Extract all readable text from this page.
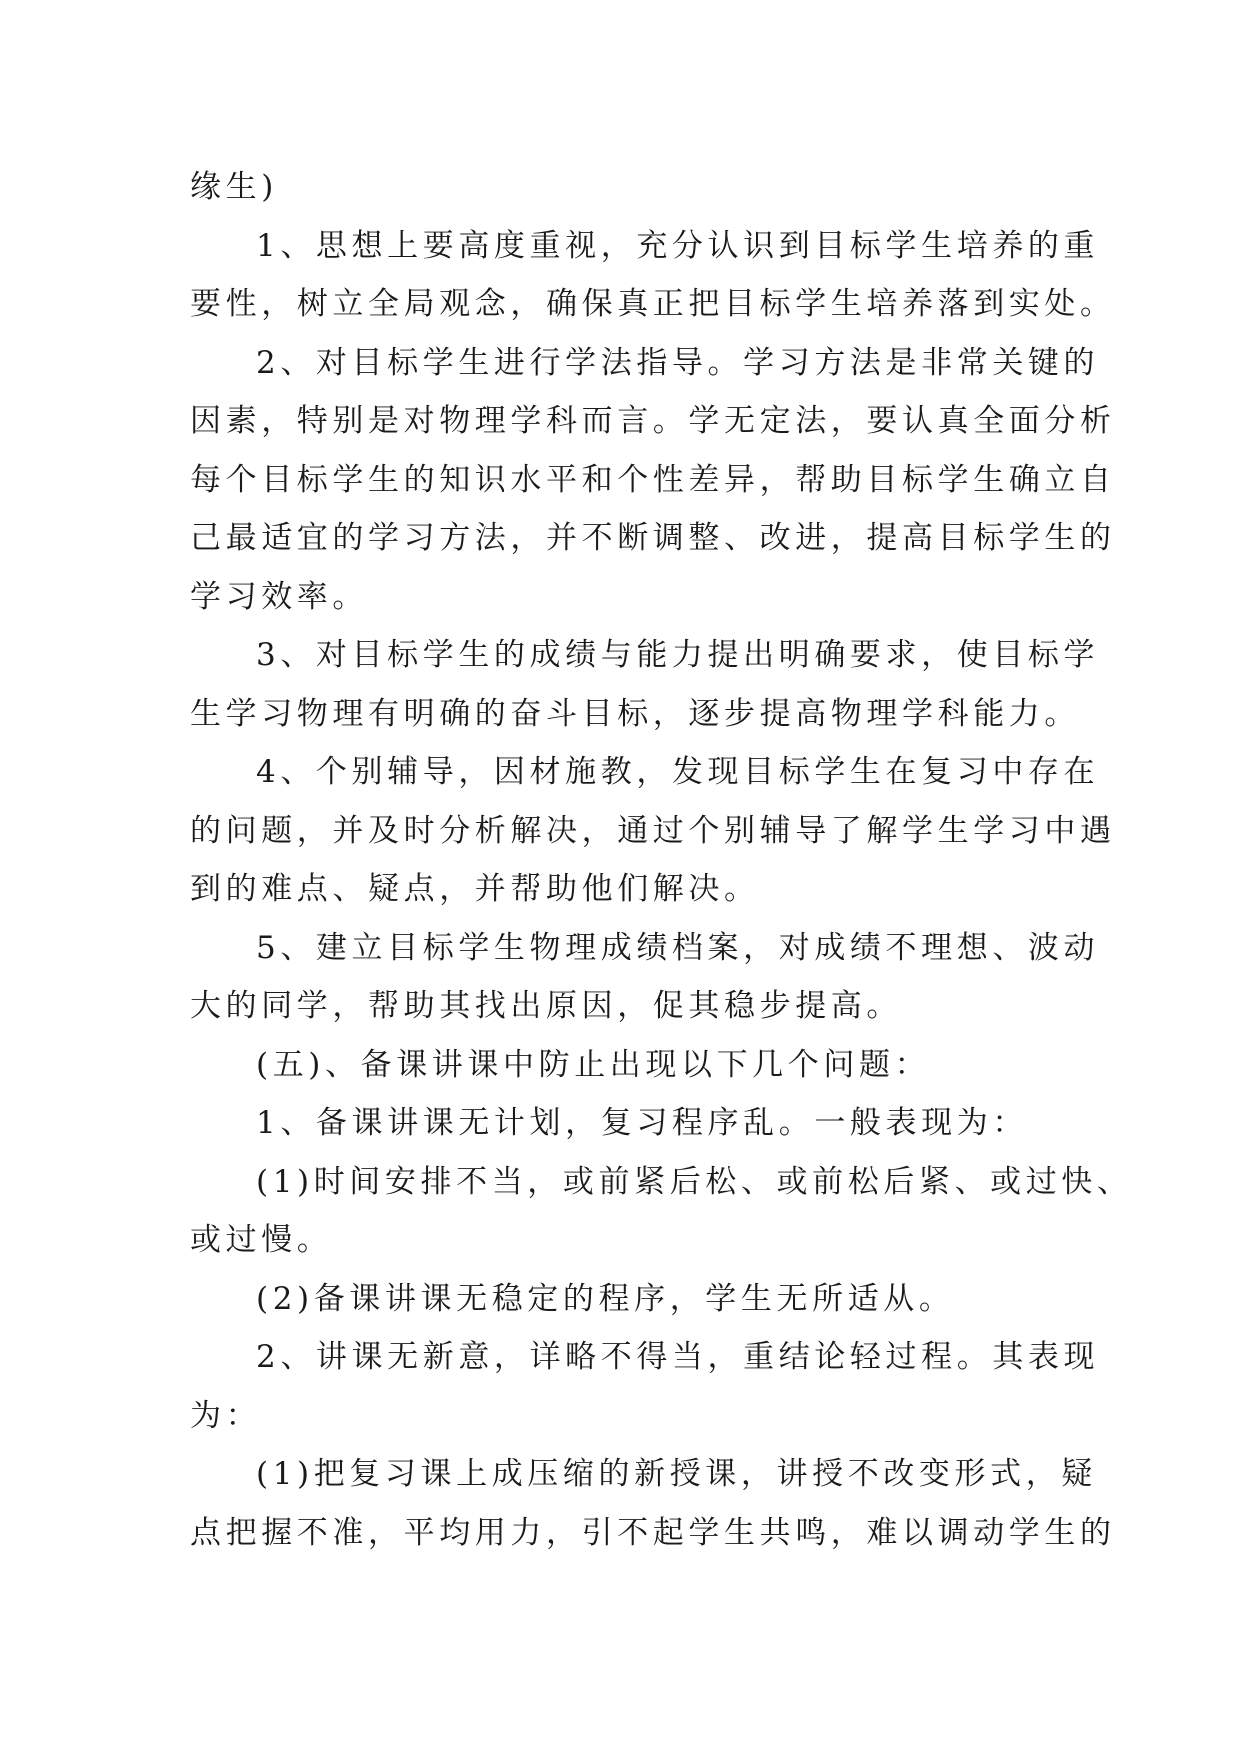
缘生)
1、思想上要高度重视，充分认识到目标学生培养的重
要性，树立全局观念，确保真正把目标学生培养落到实处。
2、对目标学生进行学法指导。学习方法是非常关键的
因素，特别是对物理学科而言。学无定法，要认真全面分析
每个目标学生的知识水平和个性差异，帮助目标学生确立自
己最适宜的学习方法，并不断调整、改进，提高目标学生的
学习效率。
3、对目标学生的成绩与能力提出明确要求，使目标学
生学习物理有明确的奋斗目标，逐步提高物理学科能力。
4、个别辅导，因材施教，发现目标学生在复习中存在
的问题，并及时分析解决，通过个别辅导了解学生学习中遇
到的难点、疑点，并帮助他们解决。
5、建立目标学生物理成绩档案，对成绩不理想、波动
大的同学，帮助其找出原因，促其稳步提高。
(五)、备课讲课中防止出现以下几个问题：
1、备课讲课无计划，复习程序乱。一般表现为：
(1)时间安排不当，或前紧后松、或前松后紧、或过快、
或过慢。
(2)备课讲课无稳定的程序，学生无所适从。
2、讲课无新意，详略不得当，重结论轻过程。其表现
为：
(1)把复习课上成压缩的新授课，讲授不改变形式，疑
点把握不准，平均用力，引不起学生共鸣，难以调动学生的
